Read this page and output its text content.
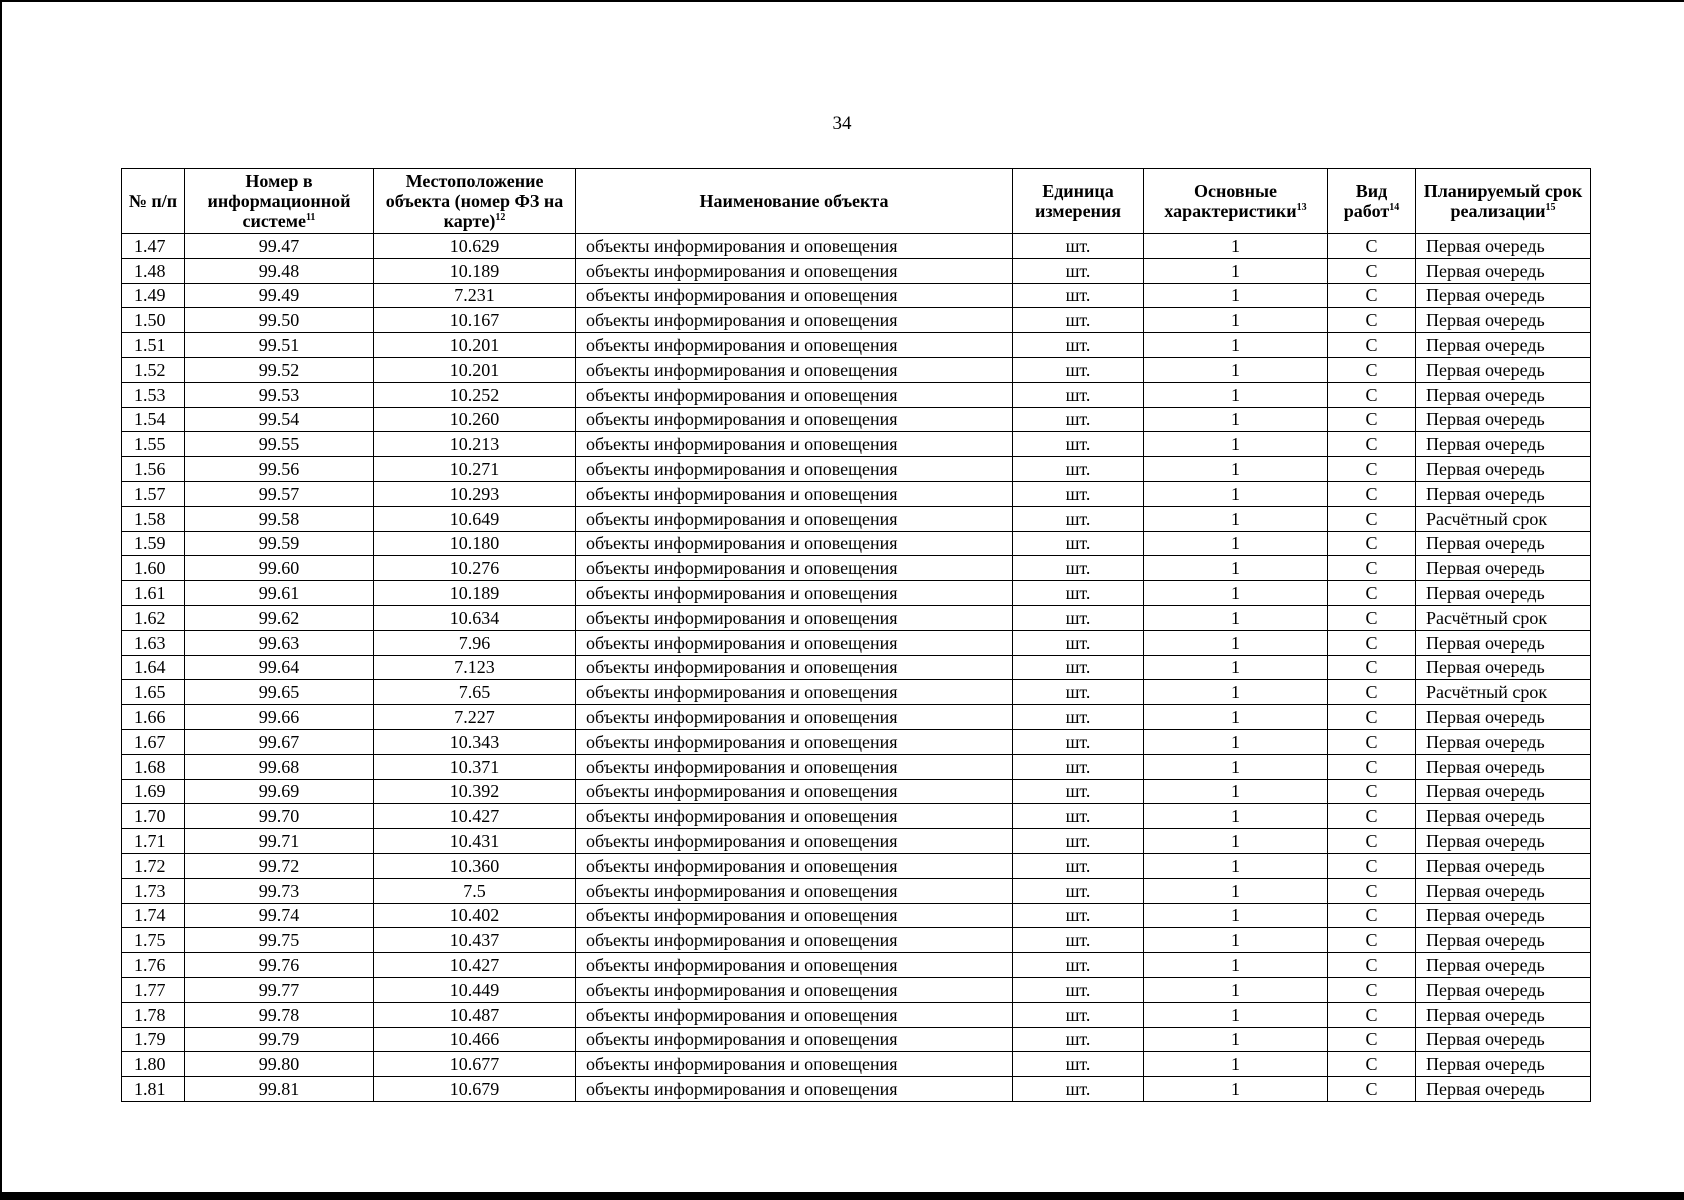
34
№ п/п	Номер в информационной системе$^{11}$	Местоположение объекта (номер ФЗ на карте)$^{12}$	Наименование объекта	Единица измерения	Основные характеристики$^{13}$	Вид работ$^{14}$	Планируемый срок реализации$^{15}$
1.47	99.47	10.629	объекты информирования и оповещения	шт.	1	С	Первая очередь
1.48	99.48	10.189	объекты информирования и оповещения	шт.	1	С	Первая очередь
1.49	99.49	7.231	объекты информирования и оповещения	шт.	1	С	Первая очередь
1.50	99.50	10.167	объекты информирования и оповещения	шт.	1	С	Первая очередь
1.51	99.51	10.201	объекты информирования и оповещения	шт.	1	С	Первая очередь
1.52	99.52	10.201	объекты информирования и оповещения	шт.	1	С	Первая очередь
1.53	99.53	10.252	объекты информирования и оповещения	шт.	1	С	Первая очередь
1.54	99.54	10.260	объекты информирования и оповещения	шт.	1	С	Первая очередь
1.55	99.55	10.213	объекты информирования и оповещения	шт.	1	С	Первая очередь
1.56	99.56	10.271	объекты информирования и оповещения	шт.	1	С	Первая очередь
1.57	99.57	10.293	объекты информирования и оповещения	шт.	1	С	Первая очередь
1.58	99.58	10.649	объекты информирования и оповещения	шт.	1	С	Расчётный срок
1.59	99.59	10.180	объекты информирования и оповещения	шт.	1	С	Первая очередь
1.60	99.60	10.276	объекты информирования и оповещения	шт.	1	С	Первая очередь
1.61	99.61	10.189	объекты информирования и оповещения	шт.	1	С	Первая очередь
1.62	99.62	10.634	объекты информирования и оповещения	шт.	1	С	Расчётный срок
1.63	99.63	7.96	объекты информирования и оповещения	шт.	1	С	Первая очередь
1.64	99.64	7.123	объекты информирования и оповещения	шт.	1	С	Первая очередь
1.65	99.65	7.65	объекты информирования и оповещения	шт.	1	С	Расчётный срок
1.66	99.66	7.227	объекты информирования и оповещения	шт.	1	С	Первая очередь
1.67	99.67	10.343	объекты информирования и оповещения	шт.	1	С	Первая очередь
1.68	99.68	10.371	объекты информирования и оповещения	шт.	1	С	Первая очередь
1.69	99.69	10.392	объекты информирования и оповещения	шт.	1	С	Первая очередь
1.70	99.70	10.427	объекты информирования и оповещения	шт.	1	С	Первая очередь
1.71	99.71	10.431	объекты информирования и оповещения	шт.	1	С	Первая очередь
1.72	99.72	10.360	объекты информирования и оповещения	шт.	1	С	Первая очередь
1.73	99.73	7.5	объекты информирования и оповещения	шт.	1	С	Первая очередь
1.74	99.74	10.402	объекты информирования и оповещения	шт.	1	С	Первая очередь
1.75	99.75	10.437	объекты информирования и оповещения	шт.	1	С	Первая очередь
1.76	99.76	10.427	объекты информирования и оповещения	шт.	1	С	Первая очередь
1.77	99.77	10.449	объекты информирования и оповещения	шт.	1	С	Первая очередь
1.78	99.78	10.487	объекты информирования и оповещения	шт.	1	С	Первая очередь
1.79	99.79	10.466	объекты информирования и оповещения	шт.	1	С	Первая очередь
1.80	99.80	10.677	объекты информирования и оповещения	шт.	1	С	Первая очередь
1.81	99.81	10.679	объекты информирования и оповещения	шт.	1	С	Первая очередь
